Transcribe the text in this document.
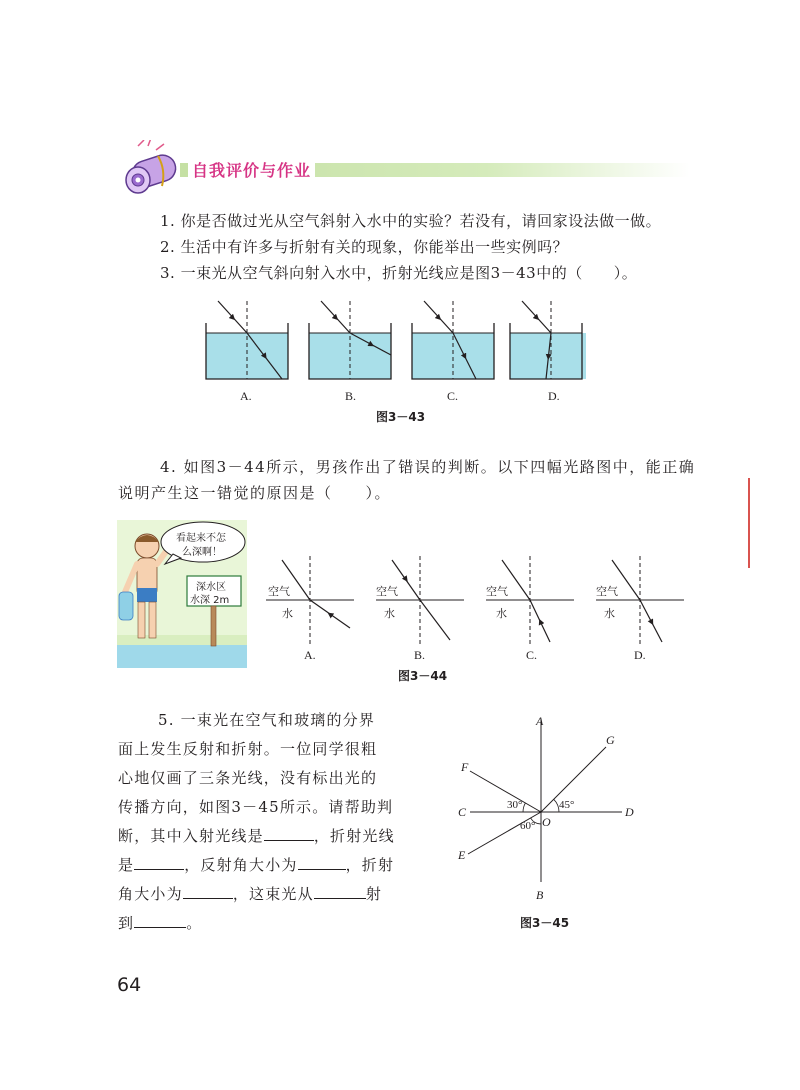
自我评价与作业
1. 你是否做过光从空气斜射入水中的实验？若没有，请回家设法做一做。
2. 生活中有许多与折射有关的现象，你能举出一些实例吗？
3. 一束光从空气斜向射入水中，折射光线应是图3－43中的（　　）。
A.	B.	C.	D.
图3－43
4. 如图3－44所示，男孩作出了错误的判断。以下四幅光路图中，能正确
说明产生这一错觉的原因是（　　）。
看起来不怎
么深啊！
深水区
水深 2m
空气
水
空气
水
空气
水
空气
水
A.	B.	C.	D.
图3－44
5. 一束光在空气和玻璃的分界
面上发生反射和折射。一位同学很粗
心地仅画了三条光线，没有标出光的
传播方向，如图3－45所示。请帮助判
断，其中入射光线是	，折射光线
是	，反射角大小为	，折射
角大小为	，这束光从	射
到	。
A
B
C	D
E
F
G
O
30°	45°
60°
图3－45
64
